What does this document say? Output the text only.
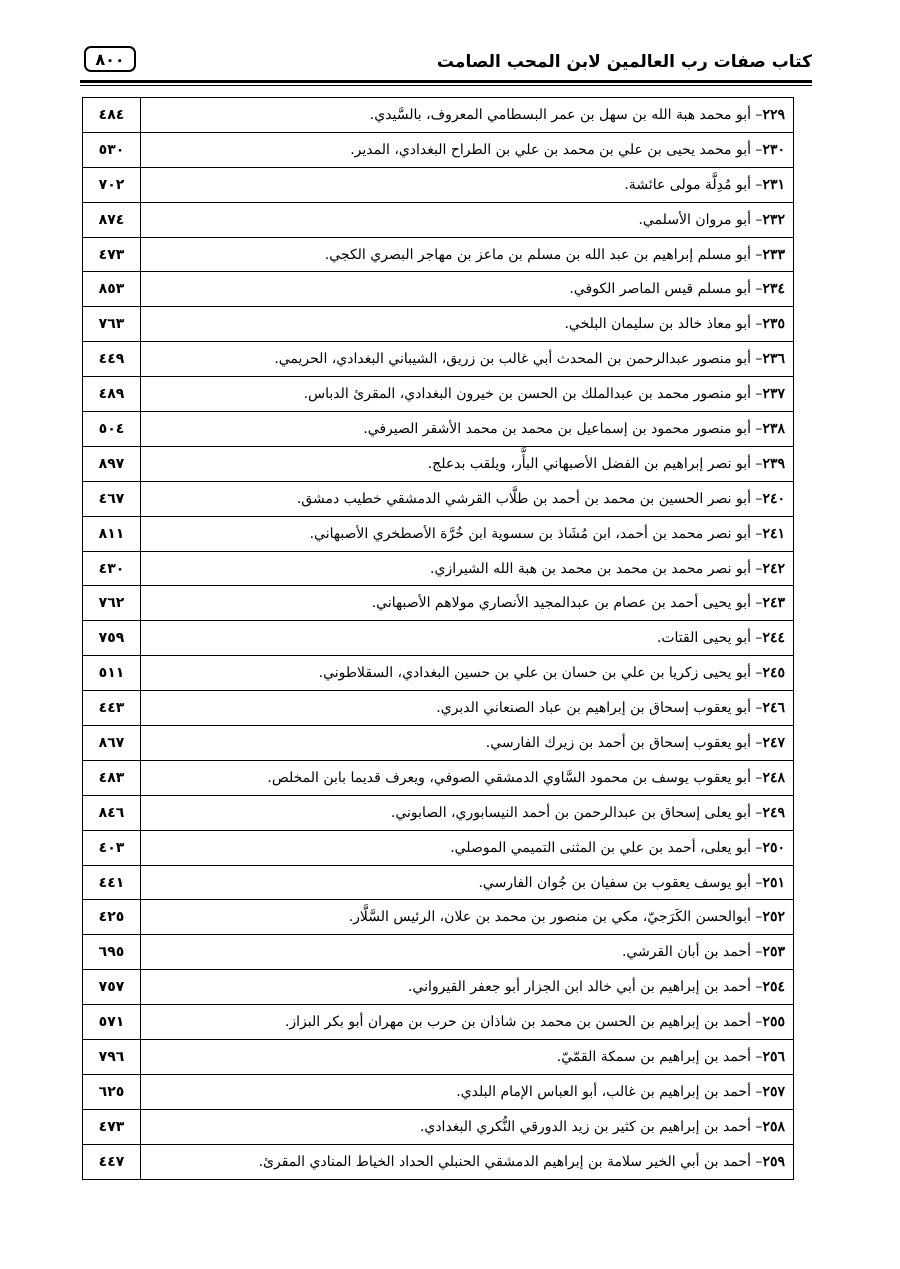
كتاب صفات رب العالمين لابن المحب الصامت
٨٠٠
٤٨٤	٢٢٩– أبو محمد هبة الله بن سهل بن عمر البسطامي المعروف، بالسَّيدي.
٥٣٠	٢٣٠– أبو محمد يحيى بن علي بن محمد بن علي بن الطراح البغدادي، المدير.
٧٠٢	٢٣١– أبو مُدِلَّة مولى عائشة.
٨٧٤	٢٣٢– أبو مروان الأسلمي.
٤٧٣	٢٣٣– أبو مسلم إبراهيم بن عبد الله بن مسلم بن ماعز بن مهاجر البصري الكجي.
٨٥٣	٢٣٤– أبو مسلم قيس الماصر الكوفي.
٧٦٣	٢٣٥– أبو معاذ خالد بن سليمان البلخي.
٤٤٩	٢٣٦– أبو منصور عبدالرحمن بن المحدث أبي غالب بن زريق، الشيباني البغدادي، الحريمي.
٤٨٩	٢٣٧– أبو منصور محمد بن عبدالملك بن الحسن بن خيرون البغدادي، المقرئ الدباس.
٥٠٤	٢٣٨– أبو منصور محمود بن إسماعيل بن محمد بن محمد الأشقر الصيرفي.
٨٩٧	٢٣٩– أبو نصر إبراهيم بن الفضل الأصبهاني البأَّر، ويلقب بدعلج.
٤٦٧	٢٤٠– أبو نصر الحسين بن محمد بن أحمد بن طلَّاب القرشي الدمشقي خطيب دمشق.
٨١١	٢٤١– أبو نصر محمد بن أحمد، ابن مُشَاذ بن سسوية ابن خُرَّة الأصطخري الأصبهاني.
٤٣٠	٢٤٢– أبو نصر محمد بن محمد بن محمد بن هبة الله الشيرازي.
٧٦٢	٢٤٣– أبو يحيى أحمد بن عصام بن عبدالمجيد الأنصاري مولاهم الأصبهاني.
٧٥٩	٢٤٤– أبو يحيى القتات.
٥١١	٢٤٥– أبو يحيى زكريا بن علي بن حسان بن علي بن حسين البغدادي، السقلاطوني.
٤٤٣	٢٤٦– أبو يعقوب إسحاق بن إبراهيم بن عباد الصنعاني الدبري.
٨٦٧	٢٤٧– أبو يعقوب إسحاق بن أحمد بن زيرك الفارسي.
٤٨٣	٢٤٨– أبو يعقوب يوسف بن محمود السَّاوي الدمشقي الصوفي، ويعرف قديما بابن المخلص.
٨٤٦	٢٤٩– أبو يعلى إسحاق بن عبدالرحمن بن أحمد النيسابوري، الصابوني.
٤٠٣	٢٥٠– أبو يعلى، أحمد بن علي بن المثنى التميمي الموصلي.
٤٤١	٢٥١– أبو يوسف يعقوب بن سفيان بن جُوان الفارسي.
٤٢٥	٢٥٢– أبوالحسن الكَرَجيّ، مكي بن منصور بن محمد بن علان، الرئيس السَّلَّار.
٦٩٥	٢٥٣– أحمد بن أبان القرشي.
٧٥٧	٢٥٤– أحمد بن إبراهيم بن أبي خالد ابن الجزار أبو جعفر القيرواني.
٥٧١	٢٥٥– أحمد بن إبراهيم بن الحسن بن محمد بن شاذان بن حرب بن مهران أبو بكر البزاز.
٧٩٦	٢٥٦– أحمد بن إبراهيم بن سمكة القمّيّ.
٦٢٥	٢٥٧– أحمد بن إبراهيم بن غالب، أبو العباس الإمام البلدي.
٤٧٣	٢٥٨– أحمد بن إبراهيم بن كثير بن زيد الدورقي النُّكري البغدادي.
٤٤٧	٢٥٩– أحمد بن أبي الخير سلامة بن إبراهيم الدمشقي الحنبلي الحداد الخياط المنادي المقرئ.
